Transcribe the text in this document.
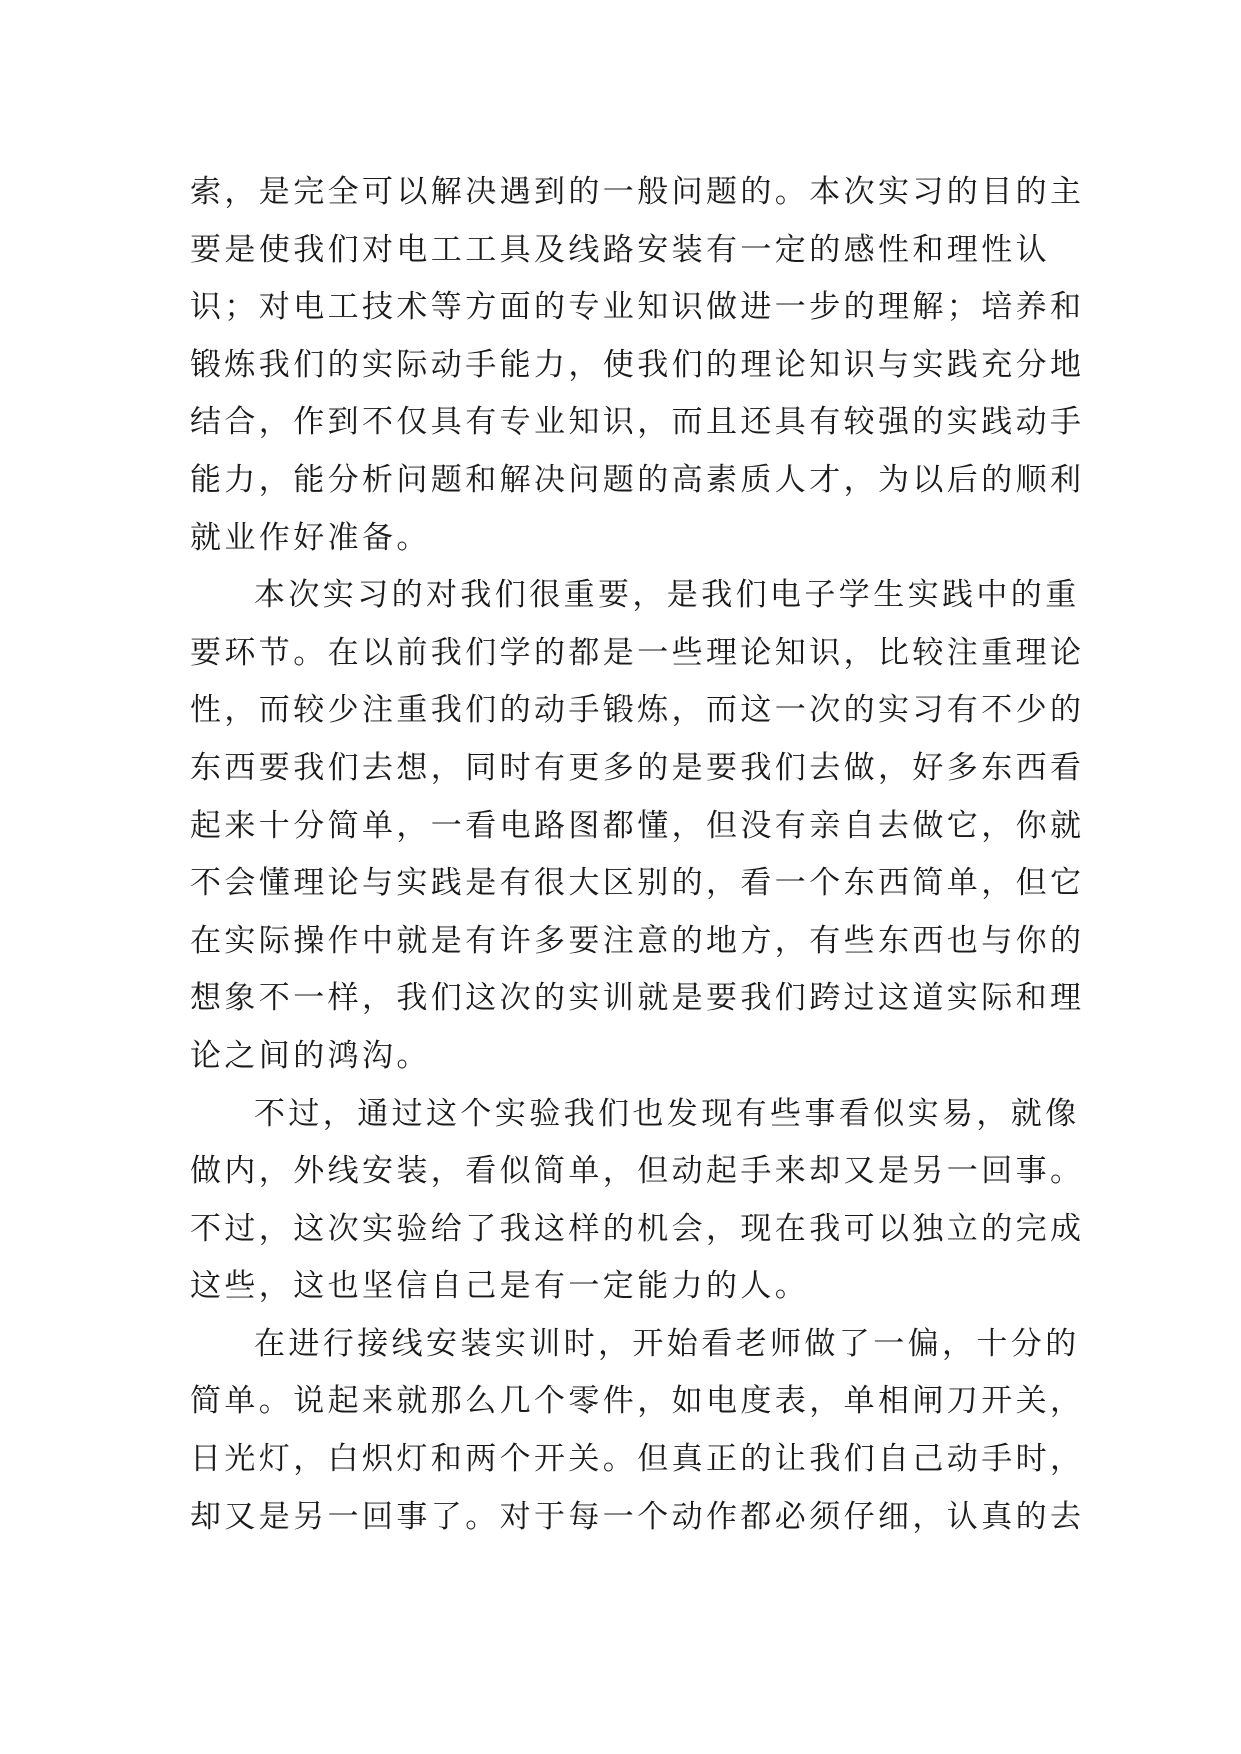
索，是完全可以解决遇到的一般问题的。本次实习的目的主
要是使我们对电工工具及线路安装有一定的感性和理性认
识；对电工技术等方面的专业知识做进一步的理解；培养和
锻炼我们的实际动手能力，使我们的理论知识与实践充分地
结合，作到不仅具有专业知识，而且还具有较强的实践动手
能力，能分析问题和解决问题的高素质人才，为以后的顺利
就业作好准备。
本次实习的对我们很重要，是我们电子学生实践中的重
要环节。在以前我们学的都是一些理论知识，比较注重理论
性，而较少注重我们的动手锻炼，而这一次的实习有不少的
东西要我们去想，同时有更多的是要我们去做，好多东西看
起来十分简单，一看电路图都懂，但没有亲自去做它，你就
不会懂理论与实践是有很大区别的，看一个东西简单，但它
在实际操作中就是有许多要注意的地方，有些东西也与你的
想象不一样，我们这次的实训就是要我们跨过这道实际和理
论之间的鸿沟。
不过，通过这个实验我们也发现有些事看似实易，就像
做内，外线安装，看似简单，但动起手来却又是另一回事。
不过，这次实验给了我这样的机会，现在我可以独立的完成
这些，这也坚信自己是有一定能力的人。
在进行接线安装实训时，开始看老师做了一偏，十分的
简单。说起来就那么几个零件，如电度表，单相闸刀开关，
日光灯，白炽灯和两个开关。但真正的让我们自己动手时，
却又是另一回事了。对于每一个动作都必须仔细，认真的去
